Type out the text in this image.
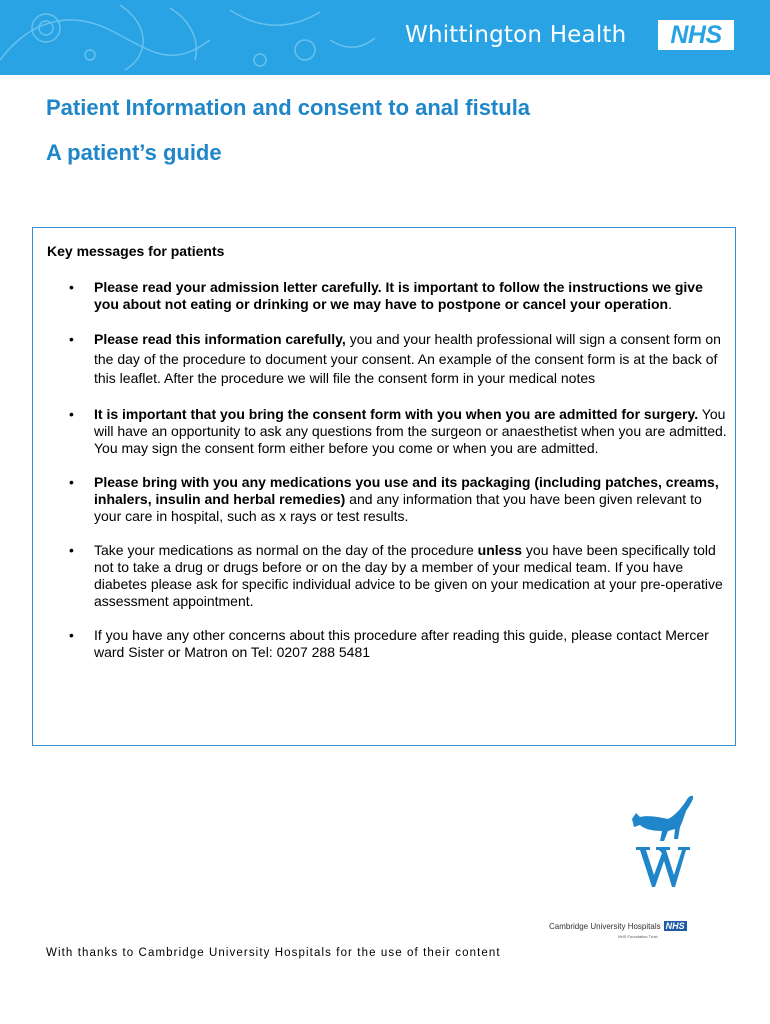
Whittington Health	NHS
Patient Information and consent to anal fistula
A patient’s guide
Key messages for patients
• Please read your admission letter carefully. It is important to follow the instructions we give you about not eating or drinking or we may have to postpone or cancel your operation.
• Please read this information carefully, you and your health professional will sign a consent form on the day of the procedure to document your consent. An example of the consent form is at the back of this leaflet. After the procedure we will file the consent form in your medical notes
• It is important that you bring the consent form with you when you are admitted for surgery. You will have an opportunity to ask any questions from the surgeon or anaesthetist when you are admitted. You may sign the consent form either before you come or when you are admitted.
• Please bring with you any medications you use and its packaging (including patches, creams, inhalers, insulin and herbal remedies) and any information that you have been given relevant to your care in hospital, such as x rays or test results.
• Take your medications as normal on the day of the procedure unless you have been specifically told not to take a drug or drugs before or on the day by a member of your medical team. If you have diabetes please ask for specific individual advice to be given on your medication at your pre-operative assessment appointment.
• If you have any other concerns about this procedure after reading this guide, please contact Mercer ward Sister or Matron on Tel: 0207 288 5481
Cambridge University Hospitals NHS
NHS Foundation Trust
With thanks to Cambridge University Hospitals for the use of their content
